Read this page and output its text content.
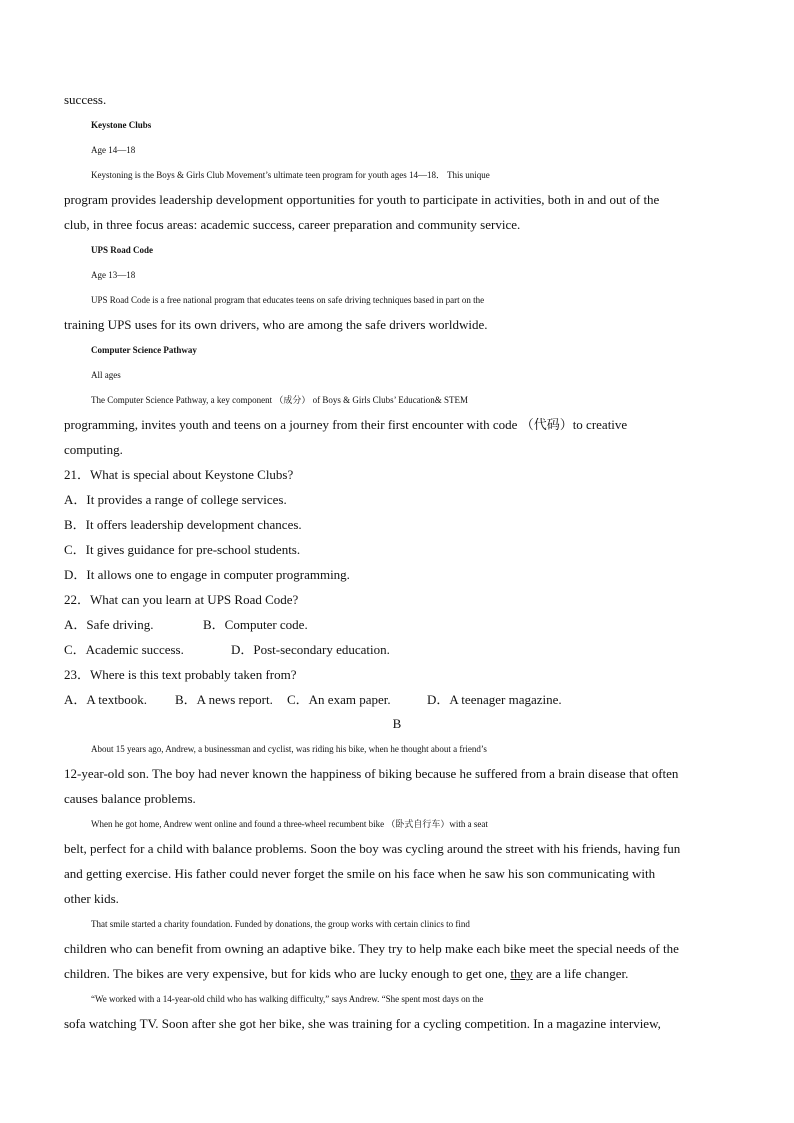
success.
Keystone Clubs
Age 14—18
Keystoning is the Boys & Girls Club Movement’s ultimate teen program for youth ages 14—18． This unique
program provides leadership development opportunities for youth to participate in activities, both in and out of the
club, in three focus areas: academic success, career preparation and community service.
UPS Road Code
Age 13—18
UPS Road Code is a free national program that educates teens on safe driving techniques based in part on the
training UPS uses for its own drivers, who are among the safe drivers worldwide.
Computer Science Pathway
All ages
The Computer Science Pathway, a key component （成分） of Boys & Girls Clubs’ Education& STEM
programming, invites youth and teens on a journey from their first encounter with code （代码）to creative
computing.
21．What is special about Keystone Clubs?
A．It provides a range of college services.
B．It offers leadership development chances.
C．It gives guidance for pre-school students.
D．It allows one to engage in computer programming.
22．What can you learn at UPS Road Code?
A．Safe driving.	B．Computer code.
C．Academic success.	D．Post-secondary education.
23．Where is this text probably taken from?
A．A textbook. B．A news report. C．An exam paper.	D．A teenager magazine.
B
About 15 years ago, Andrew, a businessman and cyclist, was riding his bike, when he thought about a friend’s
12-year-old son. The boy had never known the happiness of biking because he suffered from a brain disease that often
causes balance problems.
When he got home, Andrew went online and found a three-wheel recumbent bike （卧式自行车）with a seat
belt, perfect for a child with balance problems. Soon the boy was cycling around the street with his friends, having fun
and getting exercise. His father could never forget the smile on his face when he saw his son communicating with
other kids.
That smile started a charity foundation. Funded by donations, the group works with certain clinics to find
children who can benefit from owning an adaptive bike. They try to help make each bike meet the special needs of the
children. The bikes are very expensive, but for kids who are lucky enough to get one, they are a life changer.
“We worked with a 14-year-old child who has walking difficulty,” says Andrew. “She spent most days on the
sofa watching TV. Soon after she got her bike, she was training for a cycling competition. In a magazine interview,
